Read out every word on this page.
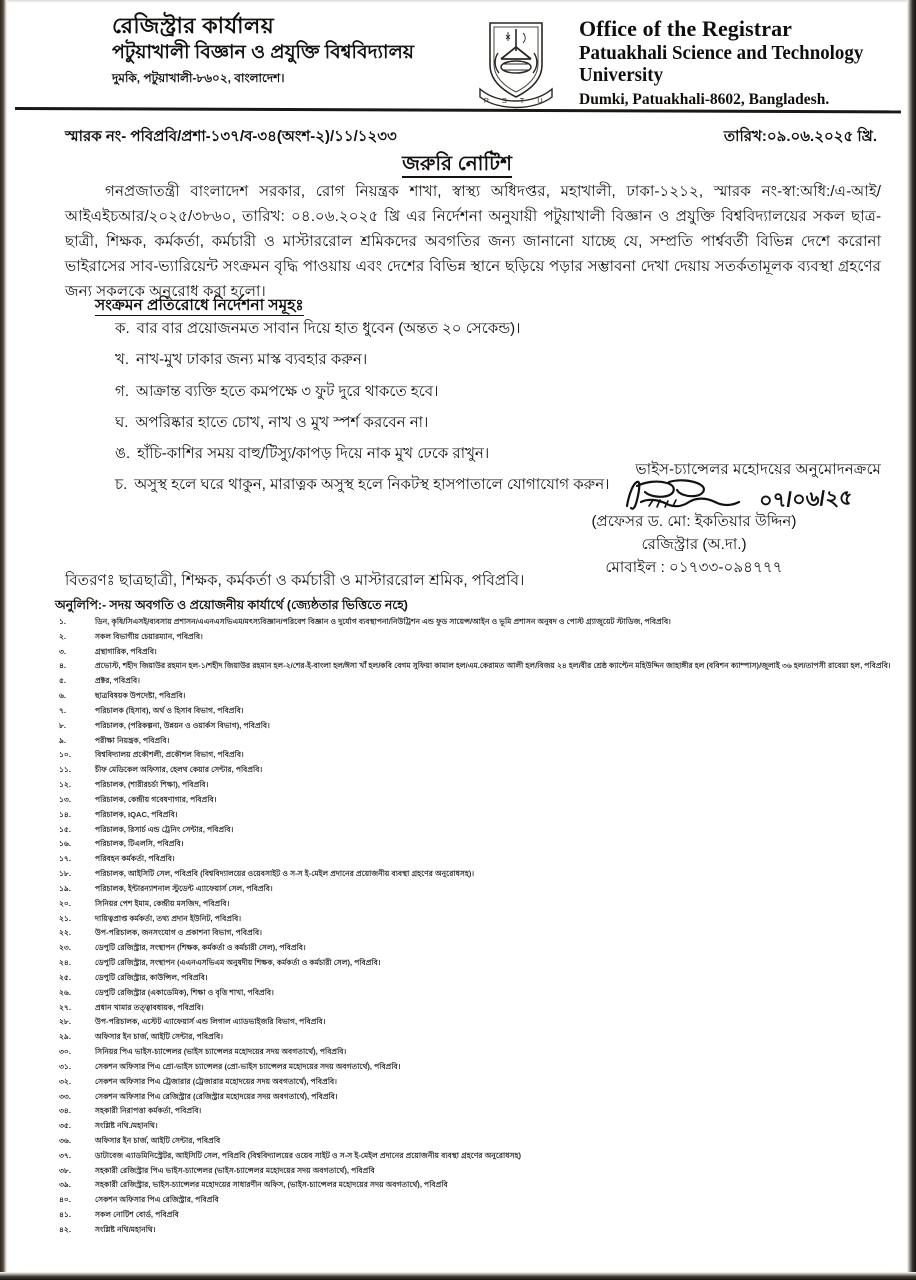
রেজিস্ট্রার কার্যালয়
পটুয়াখালী বিজ্ঞান ও প্রযুক্তি বিশ্ববিদ্যালয়
দুমকি, পটুয়াখালী-৮৬০২, বাংলাদেশ।
P S T U
Office of the Registrar
Patuakhali Science and Technology University
Dumki, Patuakhali-8602, Bangladesh.
স্মারক নং- পবিপ্রবি/প্রশা-১৩৭/ব-৩৪(অংশ-২)/১১/১২৩৩	তারিখ:০৯.০৬.২০২৫ খ্রি.
জরুরি নোটিশ
গনপ্রজাতন্ত্রী বাংলাদেশ সরকার, রোগ নিয়ন্ত্রক শাখা, স্বাস্থ্য অধিদপ্তর, মহাখালী, ঢাকা-১২১২, স্মারক নং-স্বা:অধি:/এ-আই/আইএইচআর/২০২৫/৩৮৬০, তারিখ: ০৪.০৬.২০২৫ খ্রি এর নির্দেশনা অনুযায়ী পটুয়াখালী বিজ্ঞান ও প্রযুক্তি বিশ্ববিদ্যালয়ের সকল ছাত্র-ছাত্রী, শিক্ষক, কর্মকর্তা, কর্মচারী ও মাস্টাররোল শ্রমিকদের অবগতির জন্য জানানো যাচ্ছে যে, সম্প্রতি পার্শ্ববর্তী বিভিন্ন দেশে করোনা ভাইরাসের সাব-ভ্যারিয়েন্ট সংক্রমন বৃদ্ধি পাওয়ায় এবং দেশের বিভিন্ন স্থানে ছড়িয়ে পড়ার সম্ভাবনা দেখা দেয়ায় সতর্কতামূলক ব্যবস্থা গ্রহণের জন্য সকলকে অনুরোধ করা হলো।
সংক্রমন প্রতিরোধে নির্দেশনা সমূহঃ
ক. বার বার প্রয়োজনমত সাবান দিয়ে হাত ধুবেন (অন্তত ২০ সেকেন্ড)।
খ. নাখ-মুখ ঢাকার জন্য মাস্ক ব্যবহার করুন।
গ. আক্রান্ত ব্যক্তি হতে কমপক্ষে ৩ ফুট দুরে থাকতে হবে।
ঘ. অপরিষ্কার হাতে চোখ, নাখ ও মুখ স্পর্শ করবেন না।
ঙ. হাঁচি-কাশির সময় বাহু/টিস্যু/কাপড় দিয়ে নাক মুখ ঢেকে রাখুন।
চ. অসুস্থ হলে ঘরে থাকুন, মারাত্নক অসুস্থ হলে নিকটস্থ হাসপাতালে যোগাযোগ করুন।
ভাইস-চ্যান্সেলর মহোদয়ের অনুমোদনক্রমে
০৭/০৬/২৫
(প্রফেসর ড. মো: ইকতিয়ার উদ্দিন)
রেজিস্ট্রার (অ.দা.)
মোবাইল : ০১৭৩৩-০৯৪৭৭৭
বিতরণঃ ছাত্রছাত্রী, শিক্ষক, কর্মকর্তা ও কর্মচারী ও মাস্টাররোল শ্রমিক, পবিপ্রবি।
অনুলিপি:- সদয় অবগতি ও প্রয়োজনীয় কার্যার্থে (জ্যেষ্ঠতার ভিত্তিতে নহে)
১.	ডিন, কৃষি/সিএসই/ব্যবসায় প্রশাসন/এএনএসভিএম/মৎস্যবিজ্ঞান/পরিবেশ বিজ্ঞান ও দুর্যোগ ব্যবস্থাপনা/নিউট্রিশন এন্ড ফুড সায়েন্স/আইন ও ভূমি প্রশাসন অনুষদ ও পোস্ট গ্র্যাজুয়েট স্টাডিজ, পবিপ্রবি।
২.	সকল বিভাগীয় চেয়ারম্যান, পবিপ্রবি।
৩.	গ্রন্থাগারিক, পবিপ্রবি।
৪.	প্রভোস্ট, শহীদ জিয়াউর রহমান হল-১/শহীদ জিয়াউর রহমান হল-২/শের-ই-বাংলা হল/ঈসা খাঁ হল/কবি বেগম সুফিয়া কামাল হল/এম.কেরামত আলী হল/বিজয় ২৪ হল/বীর শ্রেষ্ঠ ক্যাপ্টেন মহিউদ্দিন জাহাঙ্গীর হল (ববিশন ক্যাম্পাস)/জুলাই ৩৬ হল/তাপসী রাবেয়া হল, পবিপ্রবি।
৫.	প্রক্টর, পবিপ্রবি।
৬.	ছাত্রবিষয়ক উপদেষ্টা, পবিপ্রবি।
৭.	পরিচালক (হিসাব), অর্থ ও হিসাব বিভাগ, পবিপ্রবি।
৮.	পরিচালক, (পরিকল্পনা, উন্নয়ন ও ওয়ার্কস বিভাগ), পবিপ্রবি।
৯.	পরীক্ষা নিয়ন্ত্রক, পবিপ্রবি।
১০.	বিশ্ববিদ্যালয় প্রকৌশলী, প্রকৌশল বিভাগ, পবিপ্রবি।
১১.	চীফ মেডিকেল অফিসার, হেলথ কেয়ার সেন্টার, পবিপ্রবি।
১২.	পরিচালক, (শারীরচর্চা শিক্ষা), পবিপ্রবি।
১৩.	পরিচালক, কেন্দ্রীয় গবেষণাগার, পবিপ্রবি।
১৪.	পরিচালক, IQAC, পবিপ্রবি।
১৫.	পরিচালক, রিসার্চ এন্ড ট্রেনিং সেন্টার, পবিপ্রবি।
১৬.	পরিচালক, টিএলসি, পবিপ্রবি।
১৭.	পরিবহন কর্মকর্তা, পবিপ্রবি।
১৮.	পরিচালক, আইসিটি সেল, পবিপ্রবি (বিশ্ববিদ্যালয়ের ওয়েবসাইট ও স-স ই-মেইল প্রদানের প্রয়োজনীয় ব্যবস্থা গ্রহণের অনুরোধসহ)।
১৯.	পরিচালক, ইন্টারন্যাশনাল স্টুডেন্ট এ্যাফেয়ার্স সেল, পবিপ্রবি।
২০.	সিনিয়র পেশ ইমাম, কেন্দ্রীয় মসজিদ, পবিপ্রবি।
২১.	দায়িত্বপ্রাপ্ত কর্মকর্তা, তথ্য প্রদান ইউনিট, পবিপ্রবি।
২২.	উপ-পরিচালক, জনসংযোগ ও প্রকাশনা বিভাগ, পবিপ্রবি।
২৩.	ডেপুটি রেজিস্ট্রার, সংস্থাপন (শিক্ষক, কর্মকর্তা ও কর্মচারী সেল), পবিপ্রবি।
২৪.	ডেপুটি রেজিস্ট্রার, সংস্থাপন (এএনএসভিএম অনুষদীয় শিক্ষক, কর্মকর্তা ও কর্মচারী সেল), পবিপ্রবি।
২৫.	ডেপুটি রেজিস্ট্রার, কাউন্সিল, পবিপ্রবি।
২৬.	ডেপুটি রেজিস্ট্রার (একাডেমিক), শিক্ষা ও বৃত্তি শাখা, পবিপ্রবি।
২৭.	প্রধান খামার তত্ত্বাবধায়ক, পবিপ্রবি।
২৮.	উপ-পরিচালক, এস্টেট এ্যাফেয়ার্স এন্ড লিগাল এ্যাডভাইজরি বিভাগ, পবিপ্রবি।
২৯.	অফিসার ইন চার্জ, আইটি সেন্টার, পবিপ্রবি।
৩০.	সিনিয়র পিএ ভাইস-চ্যান্সেলর (ভাইস চ্যান্সেলর মহোদয়ের সদয় অবগতার্থে), পবিপ্রবি।
৩১.	সেকশন অফিসার পিএ প্রো-ভাইস চ্যান্সেলর (প্রো-ভাইস চ্যান্সেলর মহোদয়ের সদয় অবগতার্থে), পবিপ্রবি।
৩২.	সেকশন অফিসার পিএ ট্রেজারার (ট্রেজারার মহোদয়ের সদয় অবগতার্থে), পবিপ্রবি।
৩৩.	সেকশন অফিসার পিএ রেজিস্ট্রার (রেজিস্ট্রার মহোদয়ের সদয় অবগতার্থে), পবিপ্রবি।
৩৪.	সহকারী নিরাপত্তা কর্মকর্তা, পবিপ্রবি।
৩৫.	সংশ্লিষ্ট নথি./মহানথি।
৩৬.	অফিসার ইন চার্জ, আইটি সেন্টার, পবিপ্রবি
৩৭.	ডাটাবেজ এ্যাডমিনিস্ট্রেটর, আইসিটি সেল, পবিপ্রবি (বিশ্ববিদ্যালয়ের ওয়েব সাইট ও স-স ই-মেইল প্রদানের প্রয়োজনীয় ব্যবস্থা গ্রহণের অনুরোধসহ)
৩৮.	সহকারী রেজিস্ট্রার পিএ ভাইস-চ্যান্সেলর (ভাইস-চ্যান্সেলর মহোদয়ের সদয় অবগতার্থে), পবিপ্রবি
৩৯.	সহকারী রেজিস্ট্রার, ভাইস-চ্যান্সেলর মহোদয়ের সাধারণীন অফিস, (ভাইস-চ্যান্সেলর মহোদয়ের সদয় অবগতার্থে), পবিপ্রবি
৪০.	সেকশন অফিসার পিএ রেজিস্ট্রার, পবিপ্রবি
৪১.	সকল নোটিশ বোর্ড, পবিপ্রবি
৪২.	সংশ্লিষ্ট নথি/মহানথি।
